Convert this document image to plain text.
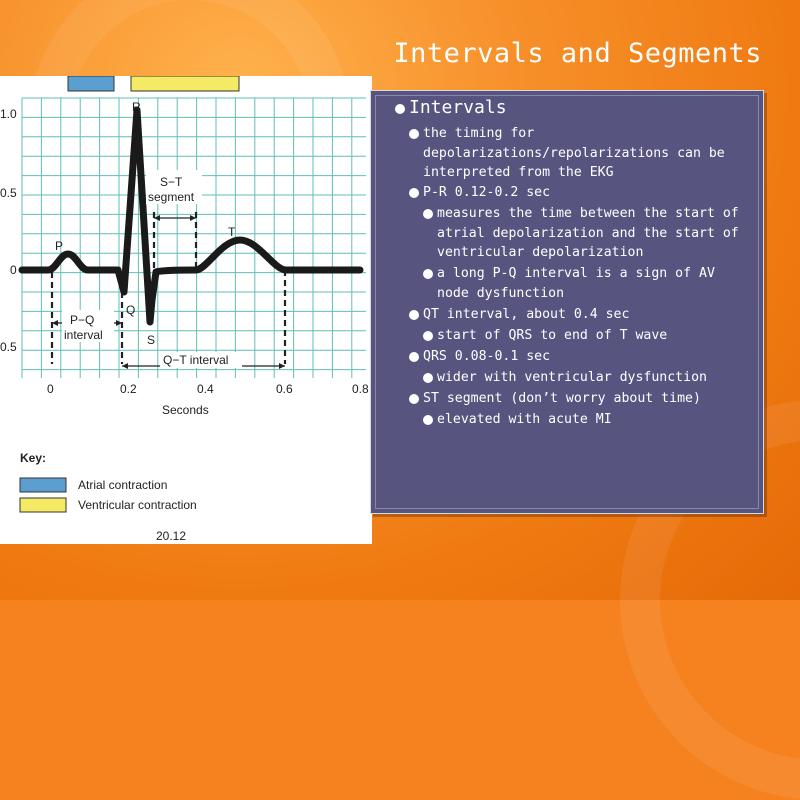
Intervals and Segments
1.0
0.5
0
0.5
0	0.2	0.4	0.6	0.8
Seconds
P
Q
R
S
T
S−T
segment
P−Q
interval
Q−T interval
Key:
Atrial contraction
Ventricular contraction
20.12
Intervals
the timing for depolarizations/repolarizations can be interpreted from the EKG
P-R 0.12-0.2 sec
measures the time between the start of atrial depolarization and the start of ventricular depolarization
a long P-Q interval is a sign of AV node dysfunction
QT interval, about 0.4 sec
start of QRS to end of T wave
QRS 0.08-0.1 sec
wider with ventricular dysfunction
ST segment (don’t worry about time)
elevated with acute MI
